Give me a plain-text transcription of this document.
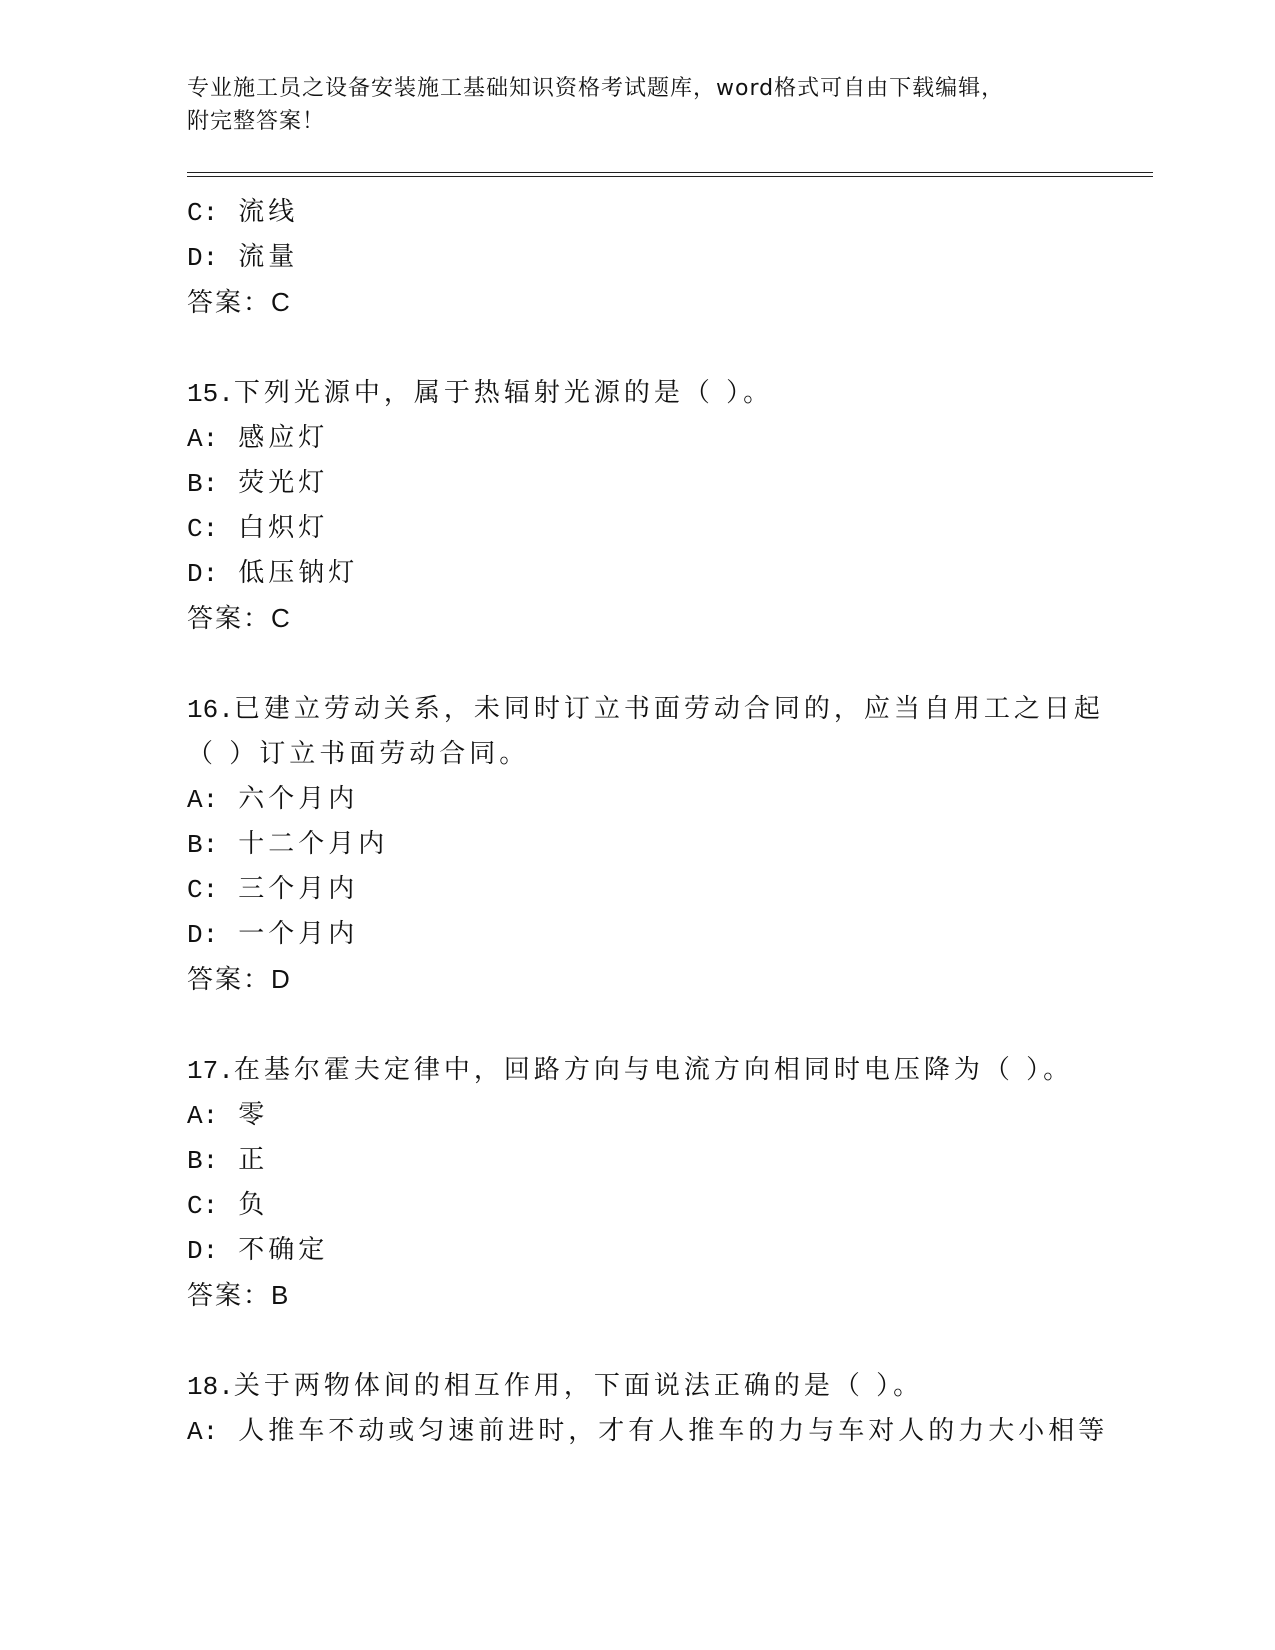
专业施工员之设备安装施工基础知识资格考试题库，word格式可自由下载编辑，
附完整答案！
C: 流线
D: 流量
答案：C
15.下列光源中，属于热辐射光源的是（ ）。
A: 感应灯
B: 荧光灯
C: 白炽灯
D: 低压钠灯
答案：C
16.已建立劳动关系，未同时订立书面劳动合同的，应当自用工之日起
（ ）订立书面劳动合同。
A: 六个月内
B: 十二个月内
C: 三个月内
D: 一个月内
答案：D
17.在基尔霍夫定律中，回路方向与电流方向相同时电压降为（ ）。
A: 零
B: 正
C: 负
D: 不确定
答案：B
18.关于两物体间的相互作用，下面说法正确的是（ ）。
A: 人推车不动或匀速前进时，才有人推车的力与车对人的力大小相等
